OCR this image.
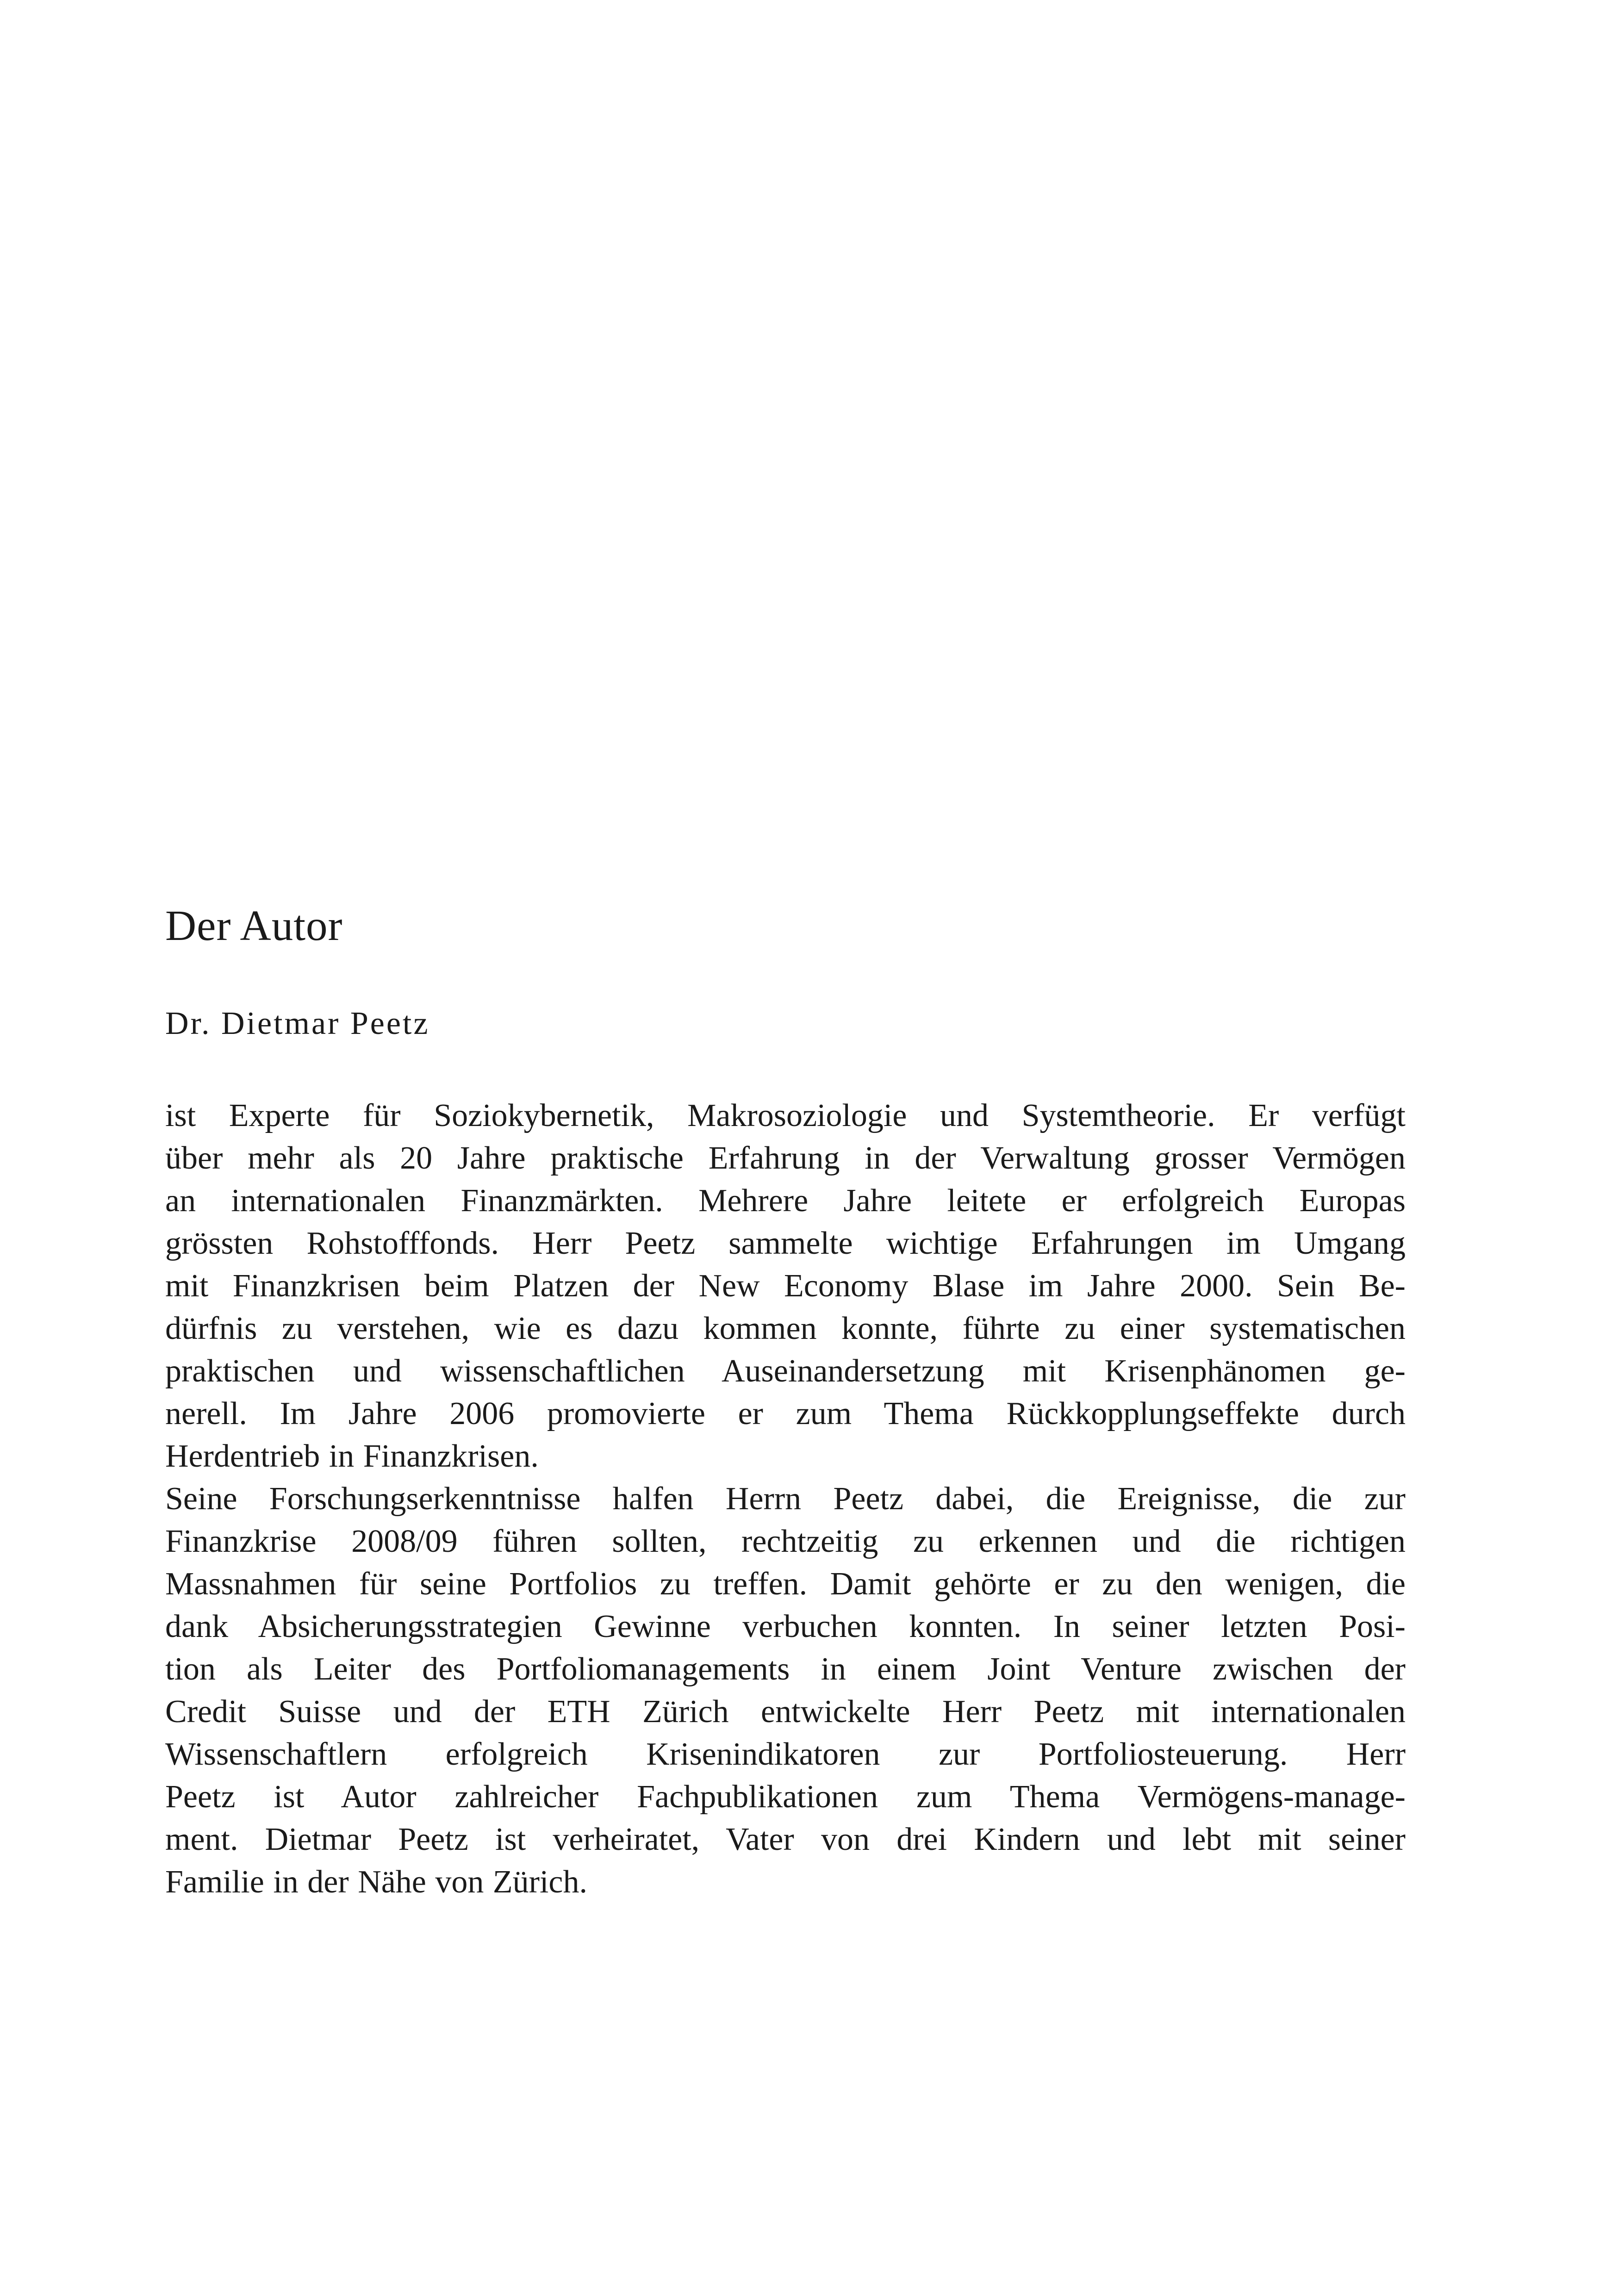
Der Autor

Dr. Dietmar Peetz

ist Experte für Soziokybernetik, Makrosoziologie und Systemtheorie. Er verfügt
über mehr als 20 Jahre praktische Erfahrung in der Verwaltung grosser Vermögen
an internationalen Finanzmärkten. Mehrere Jahre leitete er erfolgreich Europas
grössten Rohstofffonds. Herr Peetz sammelte wichtige Erfahrungen im Umgang
mit Finanzkrisen beim Platzen der New Economy Blase im Jahre 2000. Sein Be-
dürfnis zu verstehen, wie es dazu kommen konnte, führte zu einer systematischen
praktischen und wissenschaftlichen Auseinandersetzung mit Krisenphänomen ge-
nerell. Im Jahre 2006 promovierte er zum Thema Rückkopplungseffekte durch
Herdentrieb in Finanzkrisen.
Seine Forschungserkenntnisse halfen Herrn Peetz dabei, die Ereignisse, die zur
Finanzkrise 2008/09 führen sollten, rechtzeitig zu erkennen und die richtigen
Massnahmen für seine Portfolios zu treffen. Damit gehörte er zu den wenigen, die
dank Absicherungsstrategien Gewinne verbuchen konnten. In seiner letzten Posi-
tion als Leiter des Portfoliomanagements in einem Joint Venture zwischen der
Credit Suisse und der ETH Zürich entwickelte Herr Peetz mit internationalen
Wissenschaftlern erfolgreich Krisenindikatoren zur Portfoliosteuerung. Herr
Peetz ist Autor zahlreicher Fachpublikationen zum Thema Vermögens-manage-
ment. Dietmar Peetz ist verheiratet, Vater von drei Kindern und lebt mit seiner
Familie in der Nähe von Zürich.
